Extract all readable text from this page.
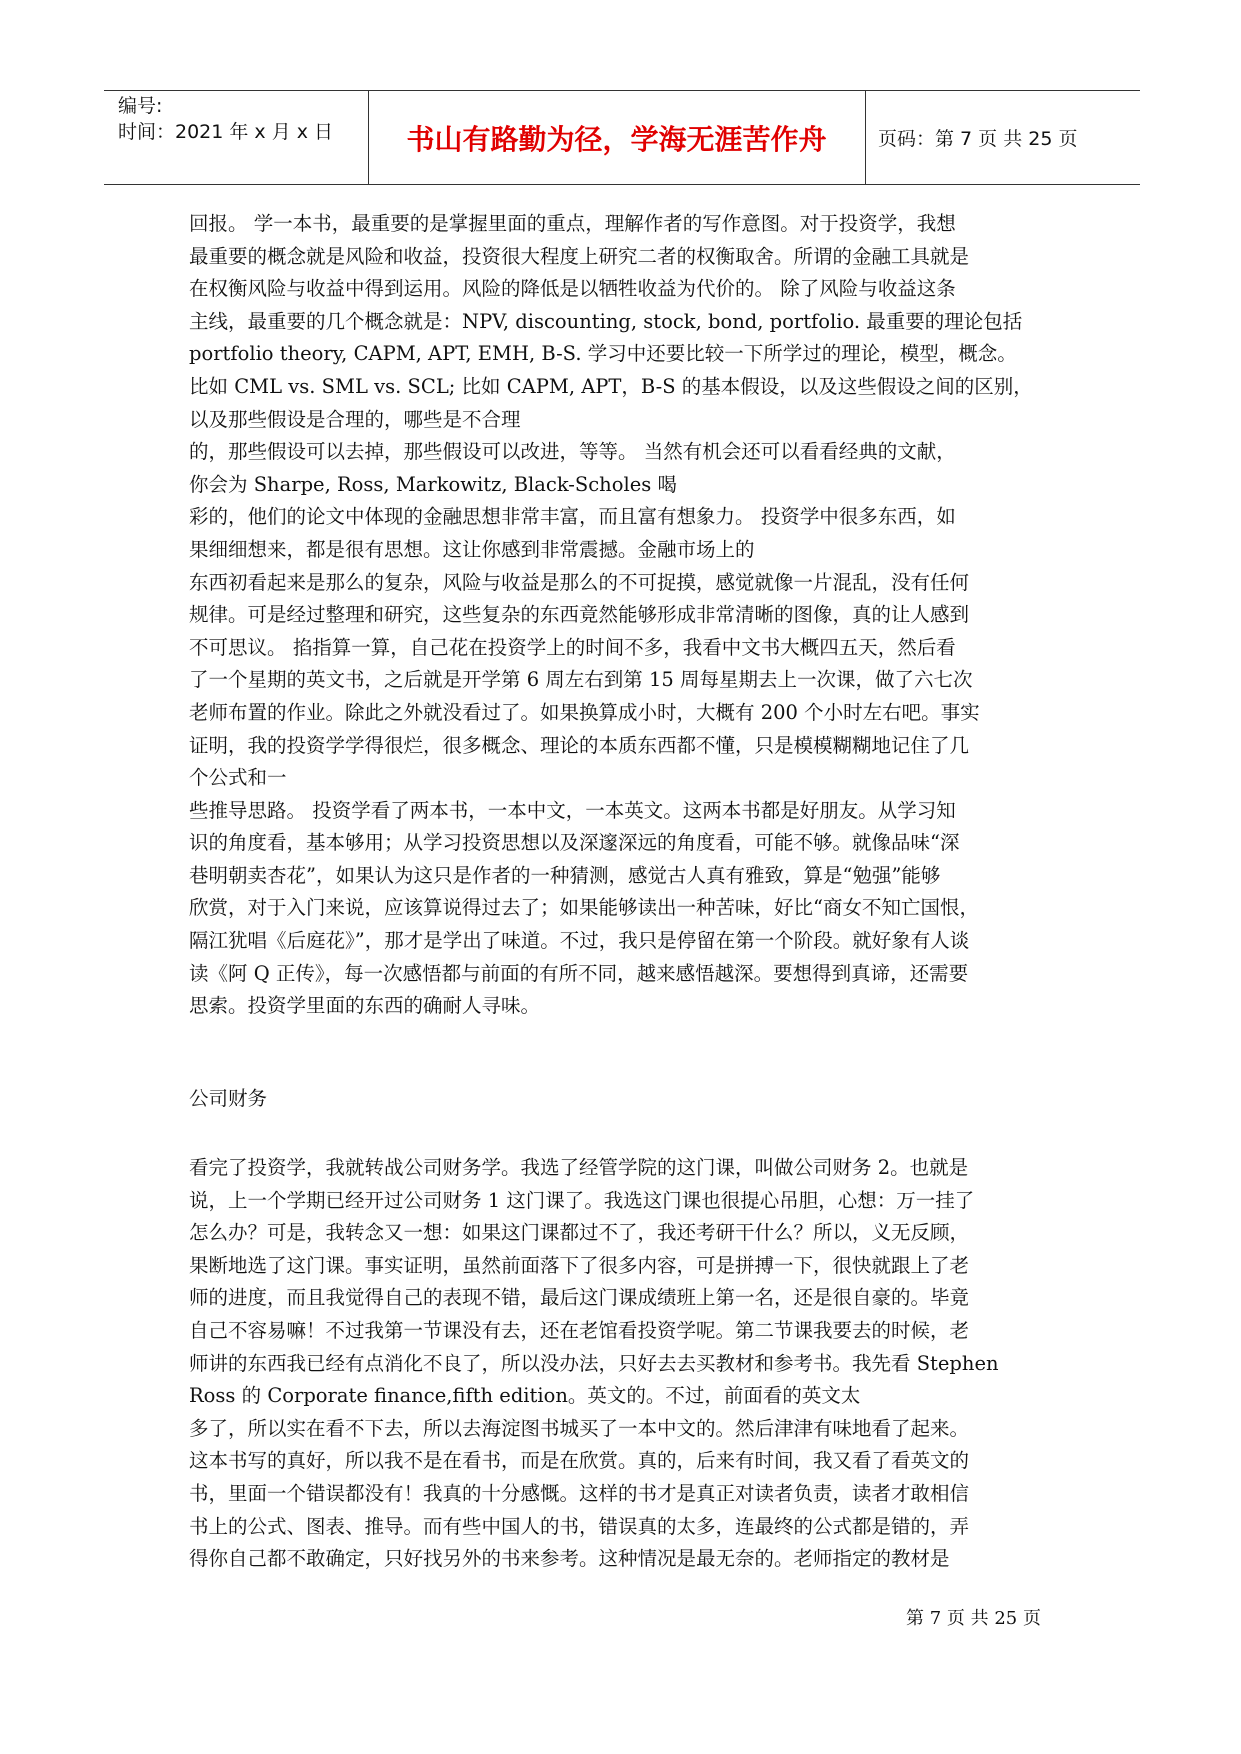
编号:
时间：2021 年 x 月 x 日	书山有路勤为径，学海无涯苦作舟	页码：第 7 页 共 25 页

回报。 学一本书，最重要的是掌握里面的重点，理解作者的写作意图。对于投资学，我想

最重要的概念就是风险和收益，投资很大程度上研究二者的权衡取舍。所谓的金融工具就是

在权衡风险与收益中得到运用。风险的降低是以牺牲收益为代价的。 除了风险与收益这条

主线，最重要的几个概念就是：NPV, discounting, stock, bond, portfolio. 最重要的理论包括

portfolio theory, CAPM, APT, EMH, B-S. 学习中还要比较一下所学过的理论，模型，概念。

比如 CML vs. SML vs. SCL; 比如 CAPM, APT，B-S 的基本假设，以及这些假设之间的区别，

以及那些假设是合理的，哪些是不合理

的，那些假设可以去掉，那些假设可以改进，等等。 当然有机会还可以看看经典的文献，

你会为 Sharpe, Ross, Markowitz, Black-Scholes 喝

彩的，他们的论文中体现的金融思想非常丰富，而且富有想象力。 投资学中很多东西，如

果细细想来，都是很有思想。这让你感到非常震撼。金融市场上的

东西初看起来是那么的复杂，风险与收益是那么的不可捉摸，感觉就像一片混乱，没有任何

规律。可是经过整理和研究，这些复杂的东西竟然能够形成非常清晰的图像，真的让人感到

不可思议。 掐指算一算，自己花在投资学上的时间不多，我看中文书大概四五天，然后看

了一个星期的英文书，之后就是开学第 6 周左右到第 15 周每星期去上一次课，做了六七次

老师布置的作业。除此之外就没看过了。如果换算成小时，大概有 200 个小时左右吧。事实

证明，我的投资学学得很烂，很多概念、理论的本质东西都不懂，只是模模糊糊地记住了几

个公式和一

些推导思路。 投资学看了两本书，一本中文，一本英文。这两本书都是好朋友。从学习知

识的角度看，基本够用；从学习投资思想以及深邃深远的角度看，可能不够。就像品味“深

巷明朝卖杏花”，如果认为这只是作者的一种猜测，感觉古人真有雅致，算是“勉强”能够

欣赏，对于入门来说，应该算说得过去了；如果能够读出一种苦味，好比“商女不知亡国恨，

隔江犹唱《后庭花》”，那才是学出了味道。不过，我只是停留在第一个阶段。就好象有人谈

读《阿 Q 正传》，每一次感悟都与前面的有所不同，越来感悟越深。要想得到真谛，还需要

思索。投资学里面的东西的确耐人寻味。

公司财务

看完了投资学，我就转战公司财务学。我选了经管学院的这门课，叫做公司财务 2。也就是

说，上一个学期已经开过公司财务 1 这门课了。我选这门课也很提心吊胆，心想：万一挂了

怎么办？可是，我转念又一想：如果这门课都过不了，我还考研干什么？所以，义无反顾，

果断地选了这门课。事实证明，虽然前面落下了很多内容，可是拼搏一下，很快就跟上了老

师的进度，而且我觉得自己的表现不错，最后这门课成绩班上第一名，还是很自豪的。毕竟

自己不容易嘛！不过我第一节课没有去，还在老馆看投资学呢。第二节课我要去的时候，老

师讲的东西我已经有点消化不良了，所以没办法，只好去去买教材和参考书。我先看 Stephen

Ross 的 Corporate finance,fifth edition。英文的。不过，前面看的英文太

多了，所以实在看不下去，所以去海淀图书城买了一本中文的。然后津津有味地看了起来。

这本书写的真好，所以我不是在看书，而是在欣赏。真的，后来有时间，我又看了看英文的

书，里面一个错误都没有！我真的十分感慨。这样的书才是真正对读者负责，读者才敢相信

书上的公式、图表、推导。而有些中国人的书，错误真的太多，连最终的公式都是错的，弄

得你自己都不敢确定，只好找另外的书来参考。这种情况是最无奈的。老师指定的教材是

第 7 页 共 25 页
